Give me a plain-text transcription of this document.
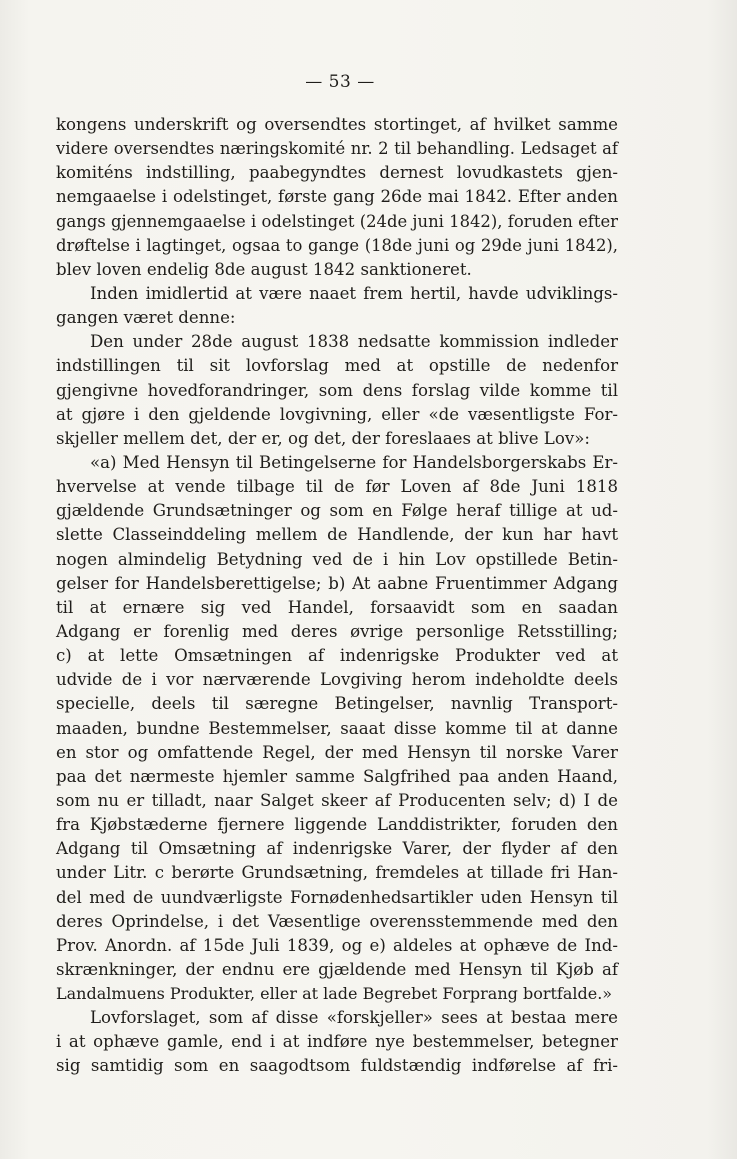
— 53 —
kongens underskrift og oversendtes stortinget, af hvilket samme
videre oversendtes næringskomité nr. 2 til behandling. Ledsaget af
komiténs indstilling, paabegyndtes dernest lovudkastets gjen-
nemgaaelse i odelstinget, første gang 26de mai 1842. Efter anden
gangs gjennemgaaelse i odelstinget (24de juni 1842), foruden efter
drøftelse i lagtinget, ogsaa to gange (18de juni og 29de juni 1842),
blev loven endelig 8de august 1842 sanktioneret.
Inden imidlertid at være naaet frem hertil, havde udviklings-
gangen været denne:
Den under 28de august 1838 nedsatte kommission indleder
indstillingen til sit lovforslag med at opstille de nedenfor
gjengivne hovedforandringer, som dens forslag vilde komme til
at gjøre i den gjeldende lovgivning, eller «de væsentligste For-
skjeller mellem det, der er, og det, der foreslaaes at blive Lov»:
«a) Med Hensyn til Betingelserne for Handelsborgerskabs Er-
hvervelse at vende tilbage til de før Loven af 8de Juni 1818
gjældende Grundsætninger og som en Følge heraf tillige at ud-
slette Classeinddeling mellem de Handlende, der kun har havt
nogen almindelig Betydning ved de i hin Lov opstillede Betin-
gelser for Handelsberettigelse; b) At aabne Fruentimmer Adgang
til at ernære sig ved Handel, forsaavidt som en saadan
Adgang er forenlig med deres øvrige personlige Retsstilling;
c) at lette Omsætningen af indenrigske Produkter ved at
udvide de i vor nærværende Lovgiving herom indeholdte deels
specielle, deels til særegne Betingelser, navnlig Transport-
maaden, bundne Bestemmelser, saaat disse komme til at danne
en stor og omfattende Regel, der med Hensyn til norske Varer
paa det nærmeste hjemler samme Salgfrihed paa anden Haand,
som nu er tilladt, naar Salget skeer af Producenten selv; d) I de
fra Kjøbstæderne fjernere liggende Landdistrikter, foruden den
Adgang til Omsætning af indenrigske Varer, der flyder af den
under Litr. c berørte Grundsætning, fremdeles at tillade fri Han-
del med de uundværligste Fornødenhedsartikler uden Hensyn til
deres Oprindelse, i det Væsentlige overensstemmende med den
Prov. Anordn. af 15de Juli 1839, og e) aldeles at ophæve de Ind-
skrænkninger, der endnu ere gjældende med Hensyn til Kjøb af
Landalmuens Produkter, eller at lade Begrebet Forprang bortfalde.»
Lovforslaget, som af disse «forskjeller» sees at bestaa mere
i at ophæve gamle, end i at indføre nye bestemmelser, betegner
sig samtidig som en saagodtsom fuldstændig indførelse af fri-
